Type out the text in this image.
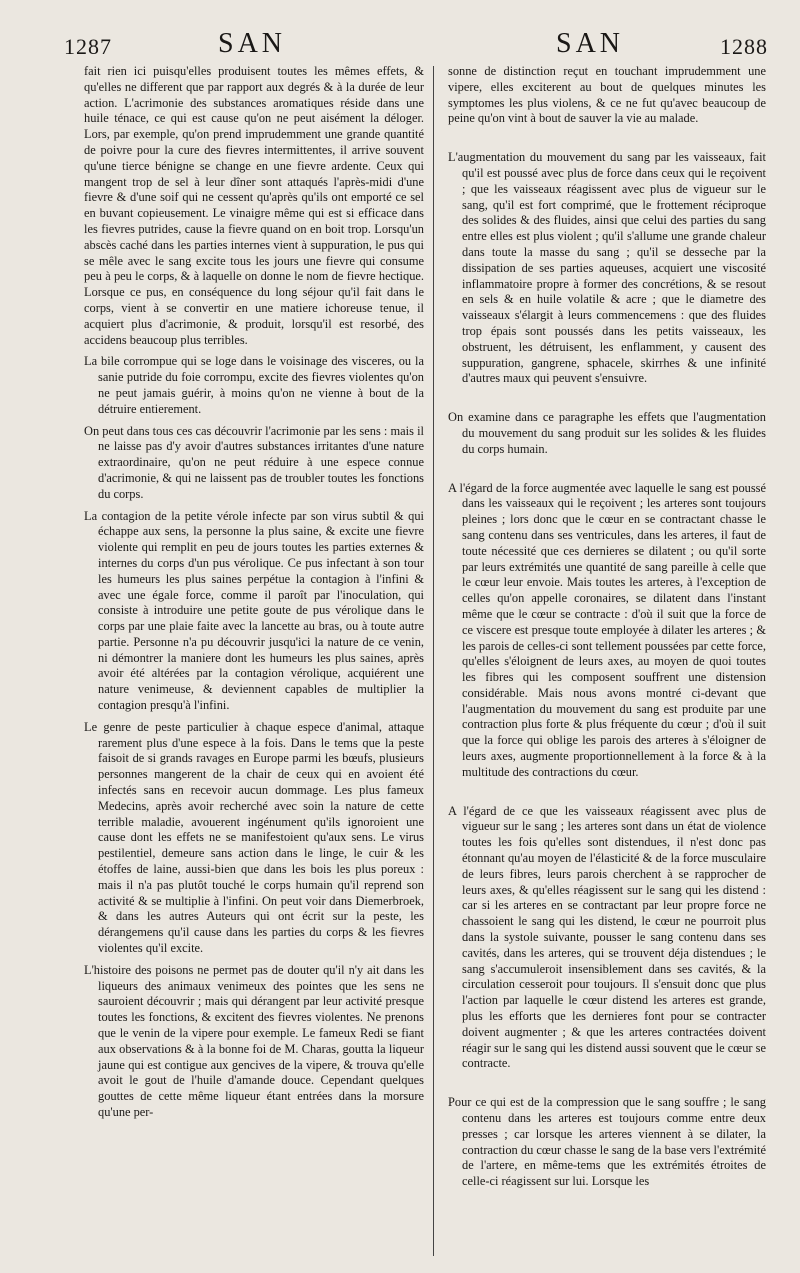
1287	SAN	SAN	1288

fait rien ici puisqu'elles produisent toutes les mêmes effets, & qu'elles ne different que par rapport aux degrés & à la durée de leur action. L'acrimonie des substances aromatiques réside dans une huile ténace, ce qui est cause qu'on ne peut aisément la déloger. Lors, par exemple, qu'on prend imprudemment une grande quantité de poivre pour la cure des fievres intermittentes, il arrive souvent qu'une tierce bénigne se change en une fievre ardente. Ceux qui mangent trop de sel à leur dîner sont attaqués l'après-midi d'une fievre & d'une soif qui ne cessent qu'après qu'ils ont emporté ce sel en buvant copieusement. Le vinaigre même qui est si efficace dans les fievres putrides, cause la fievre quand on en boit trop. Lorsqu'un abscès caché dans les parties internes vient à suppuration, le pus qui se mêle avec le sang excite tous les jours une fievre qui consume peu à peu le corps, & à laquelle on donne le nom de fievre hectique. Lorsque ce pus, en conséquence du long séjour qu'il fait dans le corps, vient à se convertir en une matiere ichoreuse tenue, il acquiert plus d'acrimonie, & produit, lorsqu'il est resorbé, des accidens beaucoup plus terribles.

La bile corrompue qui se loge dans le voisinage des visceres, ou la sanie putride du foie corrompu, excite des fievres violentes qu'on ne peut jamais guérir, à moins qu'on ne vienne à bout de la détruire entierement.

On peut dans tous ces cas découvrir l'acrimonie par les sens : mais il ne laisse pas d'y avoir d'autres substances irritantes d'une nature extraordinaire, qu'on ne peut réduire à une espece connue d'acrimonie, & qui ne laissent pas de troubler toutes les fonctions du corps.

La contagion de la petite vérole infecte par son virus subtil & qui échappe aux sens, la personne la plus saine, & excite une fievre violente qui remplit en peu de jours toutes les parties externes & internes du corps d'un pus vérolique. Ce pus infectant à son tour les humeurs les plus saines perpétue la contagion à l'infini & avec une égale force, comme il paroît par l'inoculation, qui consiste à introduire une petite goute de pus vérolique dans le corps par une plaie faite avec la lancette au bras, ou à toute autre partie. Personne n'a pu découvrir jusqu'ici la nature de ce venin, ni démontrer la maniere dont les humeurs les plus saines, après avoir été altérées par la contagion vérolique, acquiérent une nature venimeuse, & deviennent capables de multiplier la contagion presqu'à l'infini.

Le genre de peste particulier à chaque espece d'animal, attaque rarement plus d'une espece à la fois. Dans le tems que la peste faisoit de si grands ravages en Europe parmi les bœufs, plusieurs personnes mangerent de la chair de ceux qui en avoient été infectés sans en recevoir aucun dommage. Les plus fameux Medecins, après avoir recherché avec soin la nature de cette terrible maladie, avouerent ingénument qu'ils ignoroient une cause dont les effets ne se manifestoient qu'aux sens. Le virus pestilentiel, demeure sans action dans le linge, le cuir & les étoffes de laine, aussi-bien que dans les bois les plus poreux : mais il n'a pas plutôt touché le corps humain qu'il reprend son activité & se multiplie à l'infini. On peut voir dans Diemerbroek, & dans les autres Auteurs qui ont écrit sur la peste, les dérangemens qu'il cause dans les parties du corps & les fievres violentes qu'il excite.

L'histoire des poisons ne permet pas de douter qu'il n'y ait dans les liqueurs des animaux venimeux des pointes que les sens ne sauroient découvrir ; mais qui dérangent par leur activité presque toutes les fonctions, & excitent des fievres violentes. Ne prenons que le venin de la vipere pour exemple. Le fameux Redi se fiant aux observations & à la bonne foi de M. Charas, goutta la liqueur jaune qui est contigue aux gencives de la vipere, & trouva qu'elle avoit le gout de l'huile d'amande douce. Cependant quelques gouttes de cette même liqueur étant entrées dans la morsure qu'une per-

sonne de distinction reçut en touchant imprudemment une vipere, elles exciterent au bout de quelques minutes les symptomes les plus violens, & ce ne fut qu'avec beaucoup de peine qu'on vint à bout de sauver la vie au malade.

L'augmentation du mouvement du sang par les vaisseaux, fait qu'il est poussé avec plus de force dans ceux qui le reçoivent ; que les vaisseaux réagissent avec plus de vigueur sur le sang, qu'il est fort comprimé, que le frottement réciproque des solides & des fluides, ainsi que celui des parties du sang entre elles est plus violent ; qu'il s'allume une grande chaleur dans toute la masse du sang ; qu'il se desseche par la dissipation de ses parties aqueuses, acquiert une viscosité inflammatoire propre à former des concrétions, & se resout en sels & en huile volatile & acre ; que le diametre des vaisseaux s'élargit à leurs commencemens : que des fluides trop épais sont poussés dans les petits vaisseaux, les obstruent, les détruisent, les enflamment, y causent des suppuration, gangrene, sphacele, skirrhes & une infinité d'autres maux qui peuvent s'ensuivre.

On examine dans ce paragraphe les effets que l'augmentation du mouvement du sang produit sur les solides & les fluides du corps humain.

A l'égard de la force augmentée avec laquelle le sang est poussé dans les vaisseaux qui le reçoivent ; les arteres sont toujours pleines ; lors donc que le cœur en se contractant chasse le sang contenu dans ses ventricules, dans les arteres, il faut de toute nécessité que ces dernieres se dilatent ; ou qu'il sorte par leurs extrémités une quantité de sang pareille à celle que le cœur leur envoie. Mais toutes les arteres, à l'exception de celles qu'on appelle coronaires, se dilatent dans l'instant même que le cœur se contracte : d'où il suit que la force de ce viscere est presque toute employée à dilater les arteres ; & les parois de celles-ci sont tellement poussées par cette force, qu'elles s'éloignent de leurs axes, au moyen de quoi toutes les fibres qui les composent souffrent une distension considérable. Mais nous avons montré ci-devant que l'augmentation du mouvement du sang est produite par une contraction plus forte & plus fréquente du cœur ; d'où il suit que la force qui oblige les parois des arteres à s'éloigner de leurs axes, augmente proportionnellement à la force & à la multitude des contractions du cœur.

A l'égard de ce que les vaisseaux réagissent avec plus de vigueur sur le sang ; les arteres sont dans un état de violence toutes les fois qu'elles sont distendues, il n'est donc pas étonnant qu'au moyen de l'élasticité & de la force musculaire de leurs fibres, leurs parois cherchent à se rapprocher de leurs axes, & qu'elles réagissent sur le sang qui les distend : car si les arteres en se contractant par leur propre force ne chassoient le sang qui les distend, le cœur ne pourroit plus dans la systole suivante, pousser le sang contenu dans ses cavités, dans les arteres, qui se trouvent déja distendues ; le sang s'accumuleroit insensiblement dans ses cavités, & la circulation cesseroit pour toujours. Il s'ensuit donc que plus l'action par laquelle le cœur distend les arteres est grande, plus les efforts que les dernieres font pour se contracter doivent augmenter ; & que les arteres contractées doivent réagir sur le sang qui les distend aussi souvent que le cœur se contracte.

Pour ce qui est de la compression que le sang souffre ; le sang contenu dans les arteres est toujours comme entre deux presses ; car lorsque les arteres viennent à se dilater, la contraction du cœur chasse le sang de la base vers l'extrémité de l'artere, en même-tems que les extrémités étroites de celle-ci réagissent sur lui. Lorsque les
